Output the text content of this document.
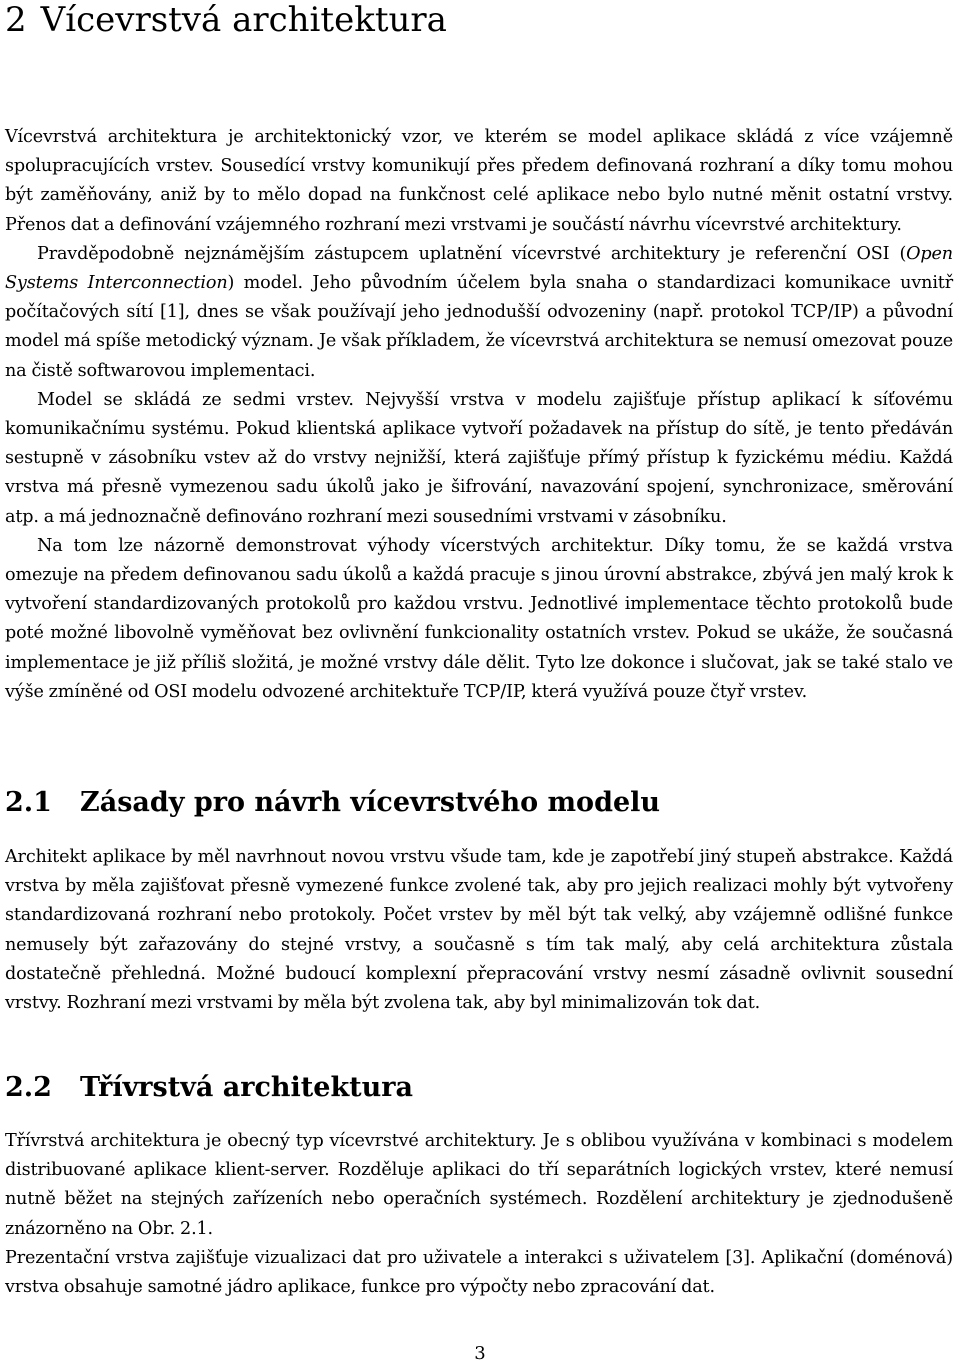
2 Vícevrstvá architektura

Vícevrstvá architektura je architektonický vzor, ve kterém se model aplikace skládá z více vzájemně spolupracujících vrstev. Sousedící vrstvy komunikují přes předem definovaná rozhraní a díky tomu mohou být zaměňovány, aniž by to mělo dopad na funkčnost celé aplikace nebo bylo nutné měnit ostatní vrstvy. Přenos dat a definování vzájemného rozhraní mezi vrstvami je součástí návrhu vícevrstvé architektury.

Pravděpodobně nejznámějším zástupcem uplatnění vícevrstvé architektury je referenční OSI (Open Systems Interconnection) model. Jeho původním účelem byla snaha o standardizaci komunikace uvnitř počítačových sítí [1], dnes se však používají jeho jednodušší odvozeniny (např. protokol TCP/IP) a původní model má spíše metodický význam. Je však příkladem, že vícevrstvá architektura se nemusí omezovat pouze na čistě softwarovou implementaci.

Model se skládá ze sedmi vrstev. Nejvyšší vrstva v modelu zajišťuje přístup aplikací k síťovému komunikačnímu systému. Pokud klientská aplikace vytvoří požadavek na přístup do sítě, je tento předáván sestupně v zásobníku vstev až do vrstvy nejnižší, která zajišťuje přímý přístup k fyzickému médiu. Každá vrstva má přesně vymezenou sadu úkolů jako je šifrování, navazování spojení, synchronizace, směrování atp. a má jednoznačně definováno rozhraní mezi sousedními vrstvami v zásobníku.

Na tom lze názorně demonstrovat výhody vícerstvých architektur. Díky tomu, že se každá vrstva omezuje na předem definovanou sadu úkolů a každá pracuje s jinou úrovní abstrakce, zbývá jen malý krok k vytvoření standardizovaných protokolů pro každou vrstvu. Jednotlivé implementace těchto protokolů bude poté možné libovolně vyměňovat bez ovlivnění funkcionality ostatních vrstev. Pokud se ukáže, že současná implementace je již příliš složitá, je možné vrstvy dále dělit. Tyto lze dokonce i slučovat, jak se také stalo ve výše zmíněné od OSI modelu odvozené architektuře TCP/IP, která využívá pouze čtyř vrstev.

2.1 Zásady pro návrh vícevrstvého modelu

Architekt aplikace by měl navrhnout novou vrstvu všude tam, kde je zapotřebí jiný stupeň abstrakce. Každá vrstva by měla zajišťovat přesně vymezené funkce zvolené tak, aby pro jejich realizaci mohly být vytvořeny standardizovaná rozhraní nebo protokoly. Počet vrstev by měl být tak velký, aby vzájemně odlišné funkce nemusely být zařazovány do stejné vrstvy, a současně s tím tak malý, aby celá architektura zůstala dostatečně přehledná. Možné budoucí komplexní přepracování vrstvy nesmí zásadně ovlivnit sousední vrstvy. Rozhraní mezi vrstvami by měla být zvolena tak, aby byl minimalizován tok dat.

2.2 Třívrstvá architektura

Třívrstvá architektura je obecný typ vícevrstvé architektury. Je s oblibou využívána v kombinaci s modelem distribuované aplikace klient-server. Rozděluje aplikaci do tří separátních logických vrstev, které nemusí nutně běžet na stejných zařízeních nebo operačních systémech. Rozdělení architektury je zjednodušeně znázorněno na Obr. 2.1.

Prezentační vrstva zajišťuje vizualizaci dat pro uživatele a interakci s uživatelem [3]. Aplikační (doménová) vrstva obsahuje samotné jádro aplikace, funkce pro výpočty nebo zpracování dat.

3
